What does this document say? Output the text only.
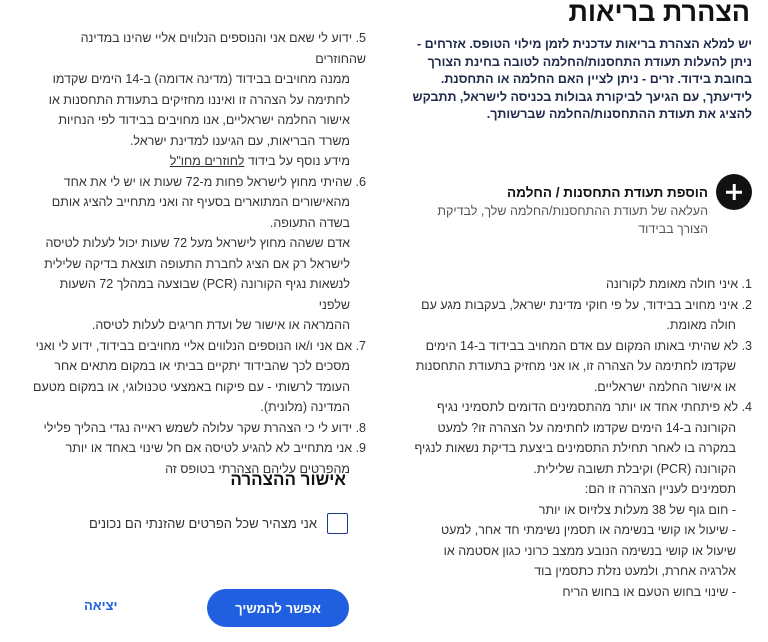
הצהרת בריאות
יש למלא הצהרת בריאות עדכנית לזמן מילוי הטופס. אזרחים -
ניתן להעלות תעודת התחסנות/החלמה לטובה בחינת הצורך
בחובת בידוד. זרים - ניתן לציין האם החלמה או התחסנת.
לידיעתך, עם הגיעך לביקורת גבולות בכניסה לישראל, תתבקש
להציג את תעודת ההתחסנות/החלמה שברשותך.
הוספת תעודת התחסנות / החלמה
העלאה של תעודת ההתחסנות/החלמה שלך, לבדיקת
הצורך בבידוד
1. איני חולה מאומת לקורונה
2. איני מחויב בבידוד, על פי חוקי מדינת ישראל, בעקבות מגע עם
חולה מאומת.
3. לא שהיתי באותו המקום עם אדם המחויב בבידוד ב-14 הימים
שקדמו לחתימה על הצהרה זו, או אני מחזיק בתעודת התחסנות
או אישור החלמה ישראליים.
4. לא פיתחתי אחד או יותר מהתסמינים הדומים לתסמיני נגיף
הקורונה ב-14 הימים שקדמו לחתימה על הצהרה זו? למעט
במקרה בו לאחר תחילת התסמינים ביצעת בדיקת נשאות לנגיף
הקורונה (PCR) וקיבלת תשובה שלילית.
תסמינים לעניין הצהרה זו הם:
- חום גוף של 38 מעלות צלזיוס או יותר
- שיעול או קושי בנשימה או תסמין נשימתי חד אחר, למעט
שיעול או קושי בנשימה הנובע ממצב כרוני כגון אסטמה או
אלרגיה אחרת, ולמעט נזלת כתסמין בוד
- שינוי בחוש הטעם או בחוש הריח
5. ידוע לי שאם אני והנוספים הנלווים אליי שהינו במדינה שהחוזרים
ממנה מחויבים בבידוד (מדינה אדומה) ב-14 הימים שקדמו
לחתימה על הצהרה זו ואיננו מחזיקים בתעודת התחסנות או
אישור החלמה ישראליים, אנו מחויבים בבידוד לפי הנחיות
משרד הבריאות, עם הגיענו למדינת ישראל.
מידע נוסף על בידוד לחוזרים מחו"ל
6. שהיתי מחוץ לישראל פחות מ-72 שעות או יש לי את אחד
מהאישורים המתוארים בסעיף זה ואני מתחייב להציג אותם
בשדה התעופה.
אדם ששהה מחוץ לישראל מעל 72 שעות יכול לעלות לטיסה
לישראל רק אם הציג לחברת התעופה תוצאת בדיקה שלילית
לנשאות נגיף הקורונה (PCR) שבוצעה במהלך 72 השעות שלפני
ההמראה או אישור של ועדת חריגים לעלות לטיסה.
7. אם אני ו/או הנוספים הנלווים אליי מחויבים בבידוד, ידוע לי ואני
מסכים לכך שהבידוד יתקיים בביתי או במקום מתאים אחר
העומד לרשותי - עם פיקוח באמצעי טכנולוגי, או במקום מטעם
המדינה (מלונית).
8. ידוע לי כי הצהרת שקר עלולה לשמש ראייה נגדי בהליך פלילי
9. אני מתחייב לא להגיע לטיסה אם חל שינוי באחד או יותר
מהפרטים עליהם הצהרתי בטופס זה
אישור ההצהרה
אני מצהיר שכל הפרטים שהזנתי הם נכונים
אפשר להמשיך
יציאה
